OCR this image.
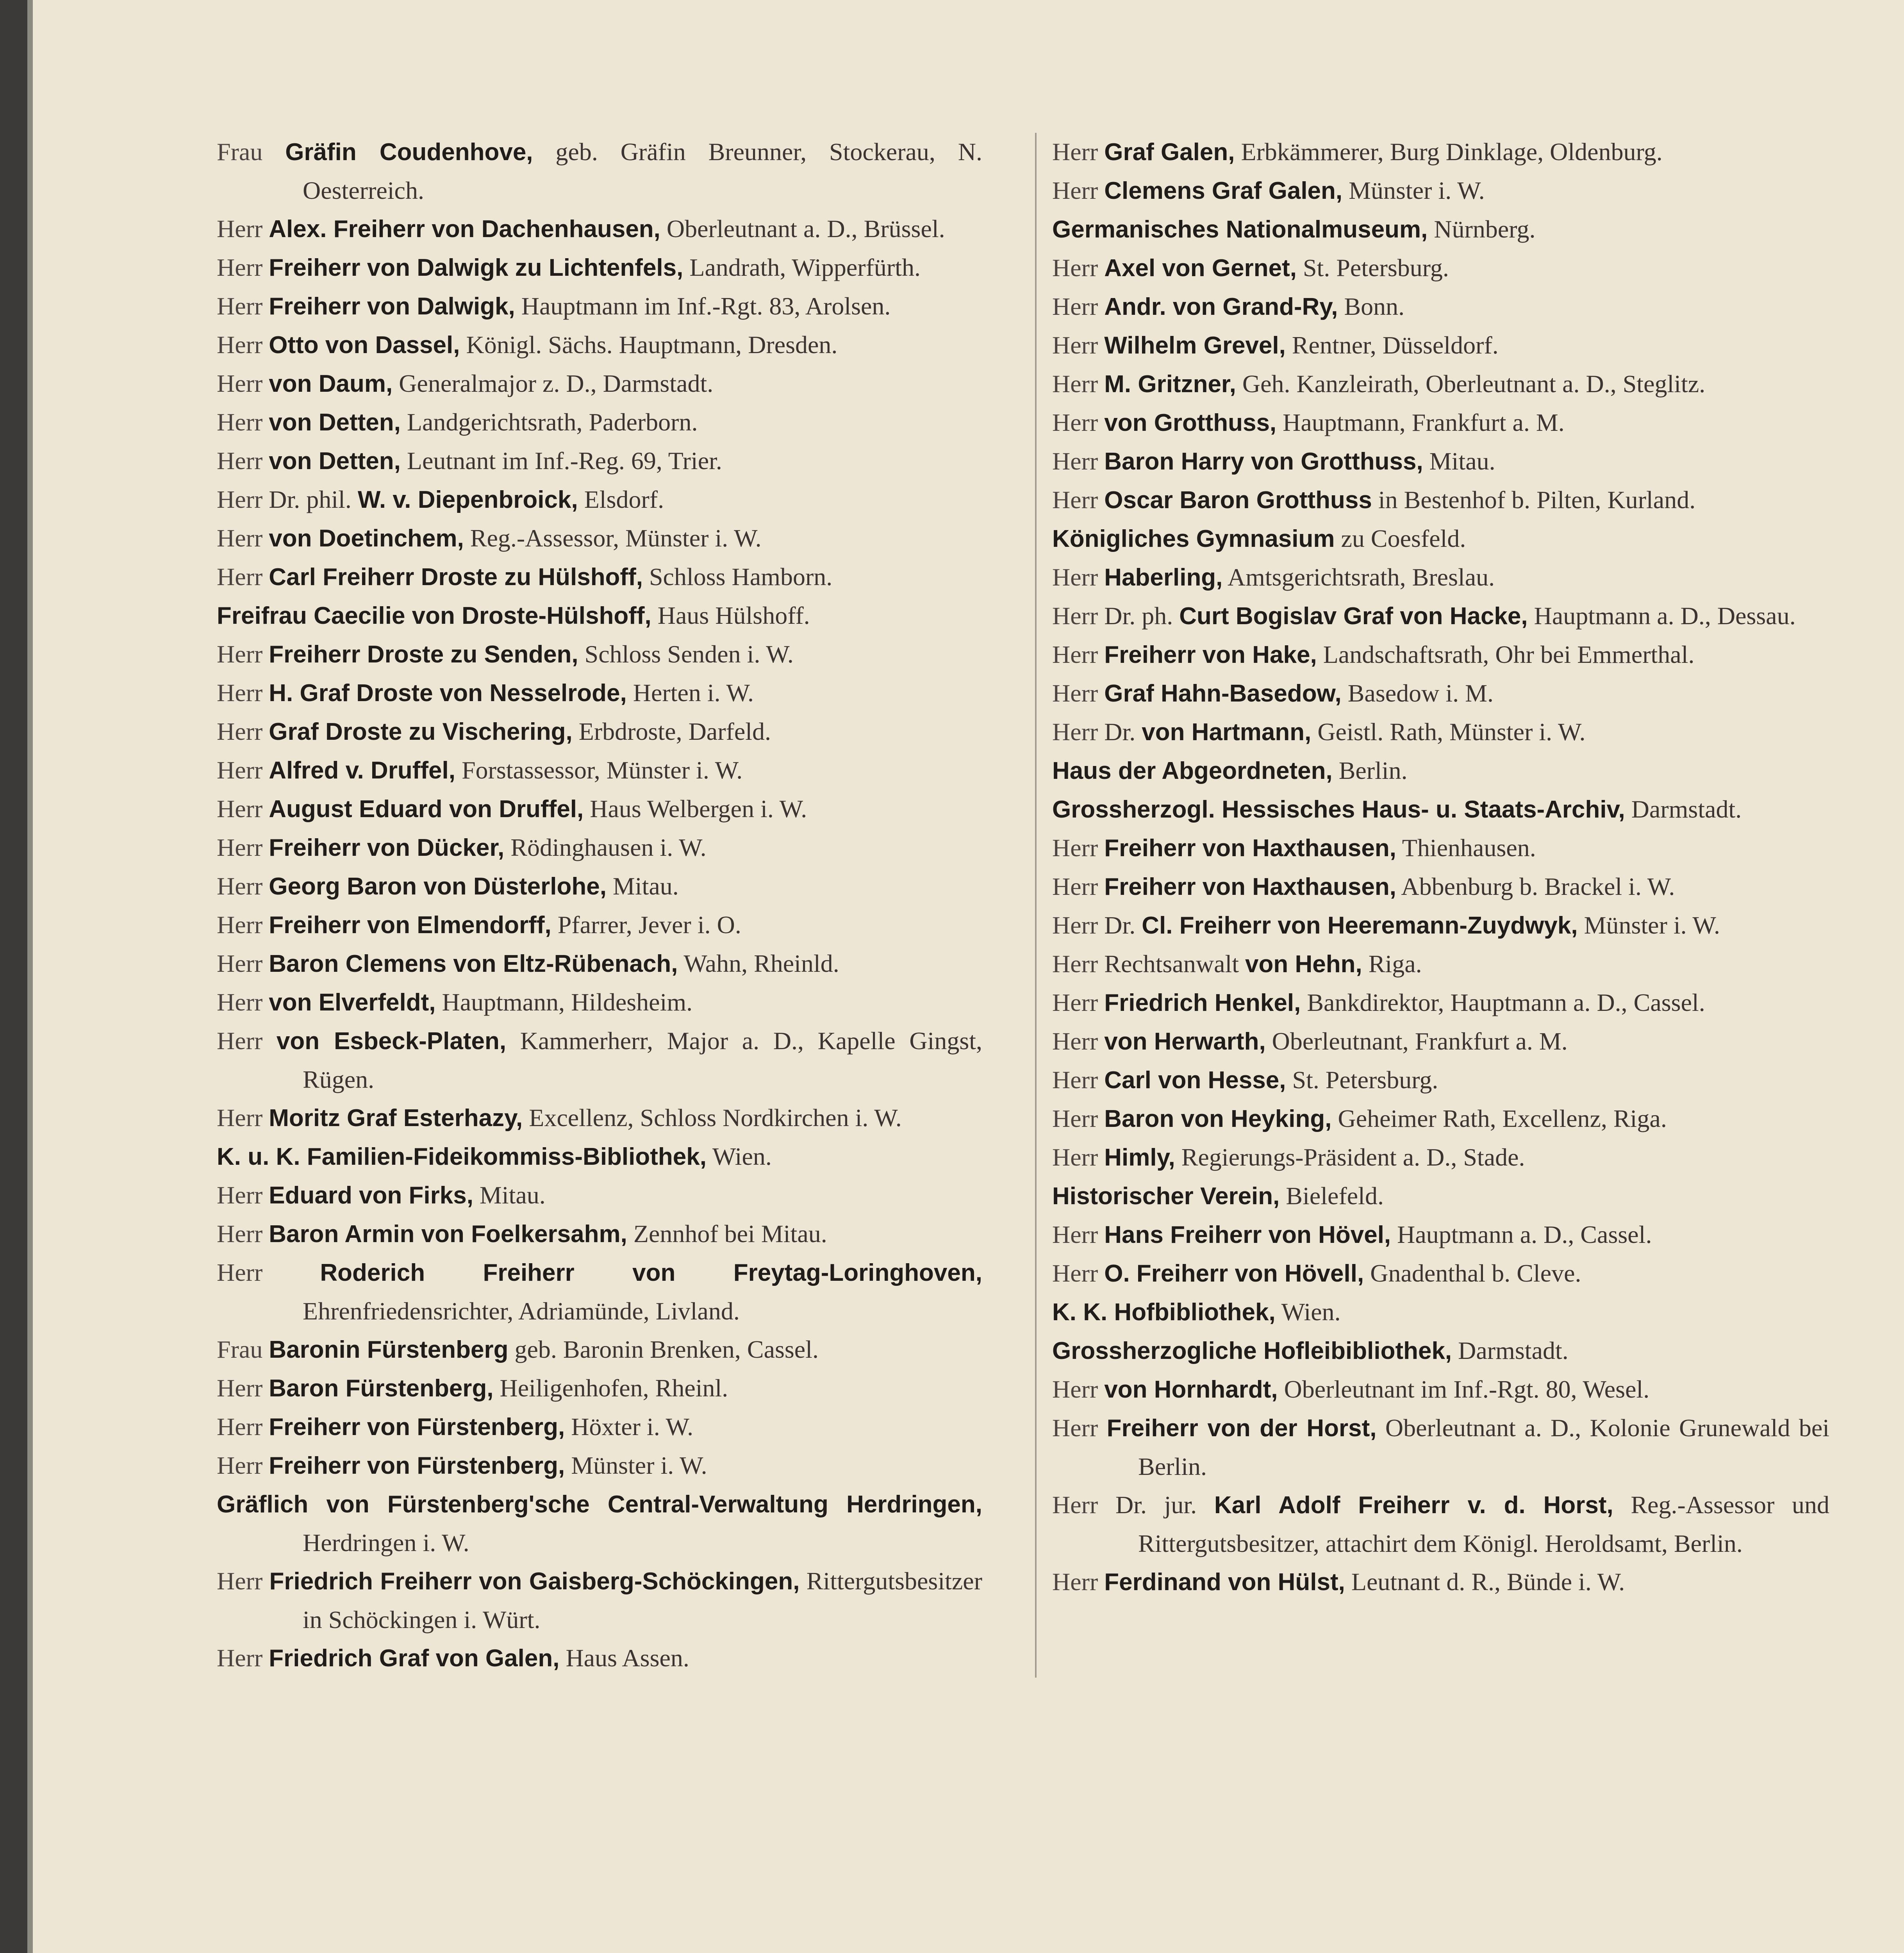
Frau Gräfin Coudenhove, geb. Gräfin Breunner, Stockerau, N. Oesterreich.

Herr Alex. Freiherr von Dachenhausen, Oberleutnant a. D., Brüssel.

Herr Freiherr von Dalwigk zu Lichtenfels, Landrath, Wipperfürth.

Herr Freiherr von Dalwigk, Hauptmann im Inf.-Rgt. 83, Arolsen.

Herr Otto von Dassel, Königl. Sächs. Hauptmann, Dresden.

Herr von Daum, Generalmajor z. D., Darmstadt.

Herr von Detten, Landgerichtsrath, Paderborn.

Herr von Detten, Leutnant im Inf.-Reg. 69, Trier.

Herr Dr. phil. W. v. Diepenbroick, Elsdorf.

Herr von Doetinchem, Reg.-Assessor, Münster i. W.

Herr Carl Freiherr Droste zu Hülshoff, Schloss Hamborn.

Freifrau Caecilie von Droste-Hülshoff, Haus Hülshoff.

Herr Freiherr Droste zu Senden, Schloss Senden i. W.

Herr H. Graf Droste von Nesselrode, Herten i. W.

Herr Graf Droste zu Vischering, Erbdroste, Darfeld.

Herr Alfred v. Druffel, Forstassessor, Münster i. W.

Herr August Eduard von Druffel, Haus Welbergen i. W.

Herr Freiherr von Dücker, Rödinghausen i. W.

Herr Georg Baron von Düsterlohe, Mitau.

Herr Freiherr von Elmendorff, Pfarrer, Jever i. O.

Herr Baron Clemens von Eltz-Rübenach, Wahn, Rheinld.

Herr von Elverfeldt, Hauptmann, Hildesheim.

Herr von Esbeck-Platen, Kammerherr, Major a. D., Kapelle Gingst, Rügen.

Herr Moritz Graf Esterhazy, Excellenz, Schloss Nordkirchen i. W.

K. u. K. Familien-Fideikommiss-Bibliothek, Wien.

Herr Eduard von Firks, Mitau.

Herr Baron Armin von Foelkersahm, Zennhof bei Mitau.

Herr Roderich Freiherr von Freytag-Loringhoven, Ehrenfriedensrichter, Adriamünde, Livland.

Frau Baronin Fürstenberg geb. Baronin Brenken, Cassel.

Herr Baron Fürstenberg, Heiligenhofen, Rheinl.

Herr Freiherr von Fürstenberg, Höxter i. W.

Herr Freiherr von Fürstenberg, Münster i. W.

Gräflich von Fürstenberg'sche Central-Verwaltung Herdringen, Herdringen i. W.

Herr Friedrich Freiherr von Gaisberg-Schöckingen, Rittergutsbesitzer in Schöckingen i. Würt.

Herr Friedrich Graf von Galen, Haus Assen.

Herr Graf Galen, Erbkämmerer, Burg Dinklage, Oldenburg.

Herr Clemens Graf Galen, Münster i. W.

Germanisches Nationalmuseum, Nürnberg.

Herr Axel von Gernet, St. Petersburg.

Herr Andr. von Grand-Ry, Bonn.

Herr Wilhelm Grevel, Rentner, Düsseldorf.

Herr M. Gritzner, Geh. Kanzleirath, Oberleutnant a. D., Steglitz.

Herr von Grotthuss, Hauptmann, Frankfurt a. M.

Herr Baron Harry von Grotthuss, Mitau.

Herr Oscar Baron Grotthuss in Bestenhof b. Pilten, Kurland.

Königliches Gymnasium zu Coesfeld.

Herr Haberling, Amtsgerichtsrath, Breslau.

Herr Dr. ph. Curt Bogislav Graf von Hacke, Hauptmann a. D., Dessau.

Herr Freiherr von Hake, Landschaftsrath, Ohr bei Emmerthal.

Herr Graf Hahn-Basedow, Basedow i. M.

Herr Dr. von Hartmann, Geistl. Rath, Münster i. W.

Haus der Abgeordneten, Berlin.

Grossherzogl. Hessisches Haus- u. Staats-Archiv, Darmstadt.

Herr Freiherr von Haxthausen, Thienhausen.

Herr Freiherr von Haxthausen, Abbenburg b. Brackel i. W.

Herr Dr. Cl. Freiherr von Heeremann-Zuydwyk, Münster i. W.

Herr Rechtsanwalt von Hehn, Riga.

Herr Friedrich Henkel, Bankdirektor, Hauptmann a. D., Cassel.

Herr von Herwarth, Oberleutnant, Frankfurt a. M.

Herr Carl von Hesse, St. Petersburg.

Herr Baron von Heyking, Geheimer Rath, Excellenz, Riga.

Herr Himly, Regierungs-Präsident a. D., Stade.

Historischer Verein, Bielefeld.

Herr Hans Freiherr von Hövel, Hauptmann a. D., Cassel.

Herr O. Freiherr von Hövell, Gnadenthal b. Cleve.

K. K. Hofbibliothek, Wien.

Grossherzogliche Hofleibibliothek, Darmstadt.

Herr von Hornhardt, Oberleutnant im Inf.-Rgt. 80, Wesel.

Herr Freiherr von der Horst, Oberleutnant a. D., Kolonie Grunewald bei Berlin.

Herr Dr. jur. Karl Adolf Freiherr v. d. Horst, Reg.-Assessor und Rittergutsbesitzer, attachirt dem Königl. Heroldsamt, Berlin.

Herr Ferdinand von Hülst, Leutnant d. R., Bünde i. W.
